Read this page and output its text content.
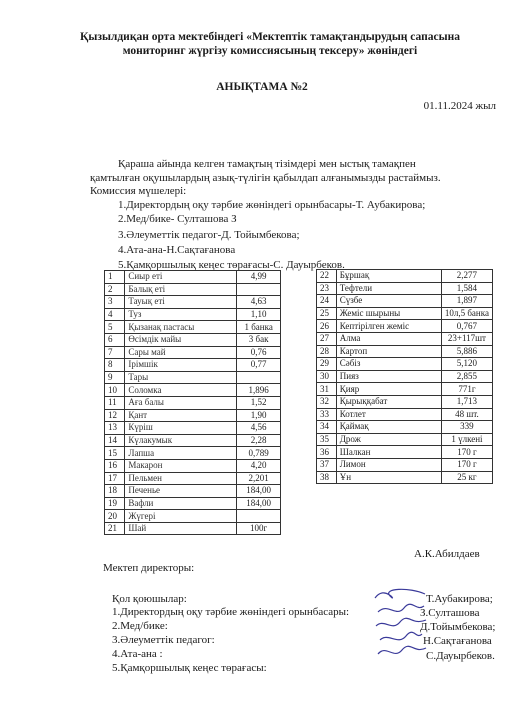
Қызылдиқан орта мектебіндегі «Мектептік тамақтандырудың сапасына
мониторинг жүргізу комиссиясының тексеру» жөніндегі
АНЫҚТАМА №2
01.11.2024 жыл
Қараша айында келген тамақтың тізімдері мен ыстық тамақпен
қамтылған оқушылардың азық-түлігін қабылдап алғанымызды растаймыз.
Комиссия мүшелері:
1.Директордың оқу тәрбие жөніндегі орынбасары-Т. Аубакирова;
2.Мед/бике- Султашова З
3.Әлеуметтік педагог-Д. Тойымбекова;
4.Ата-ана-Н.Сақтағанова
5.Қамқоршылық кеңес төрағасы-С. Дауырбеков.
1	Сиыр еті	4,99
2	Балық еті	
3	Тауық еті	4,63
4	Туз	1,10
5	Қызанақ пастасы	1 банка
6	Өсімдік майы	3 бак
7	Сары май	0,76
8	Ірімшік	0,77
9	Тары	
10	Соломка	1,896
11	Аға балы	1,52
12	Қант	1,90
13	Күріш	4,56
14	Күлакумык	2,28
15	Лапша	0,789
16	Макарон	4,20
17	Пельмен	2,201
18	Печенье	184,00
19	Вафли	184,00
20	Жүгері	
21	Шай	100г
22	Бұршақ	2,277
23	Тефтели	1,584
24	Сүзбе	1,897
25	Жеміс шырыны	10л,5 банка
26	Кептірілген жеміс	0,767
27	Алма	23+117шт
28	Картоп	5,886
29	Сәбіз	5,120
30	Пияз	2,855
31	Қияр	771г
32	Қырыққабат	1,713
33	Котлет	48 шт.
34	Қаймақ	339
35	Дрож	1 үлкені
36	Шалкан	170 г
37	Лимон	170 г
38	Ұн	25 кг
Мектеп директоры:
А.К.Абилдаев
Қол қоюшылар:
1.Директордың оқу тәрбие жөніндегі орынбасары:
Т.Аубакирова;
2.Мед/бике:
З.Султашова
3.Әлеуметтік педагог:
Д.Тойымбекова;
4.Ата-ана :
Н.Сақтағанова
5.Қамқоршылық кеңес төрағасы:
С.Дауырбеков.
